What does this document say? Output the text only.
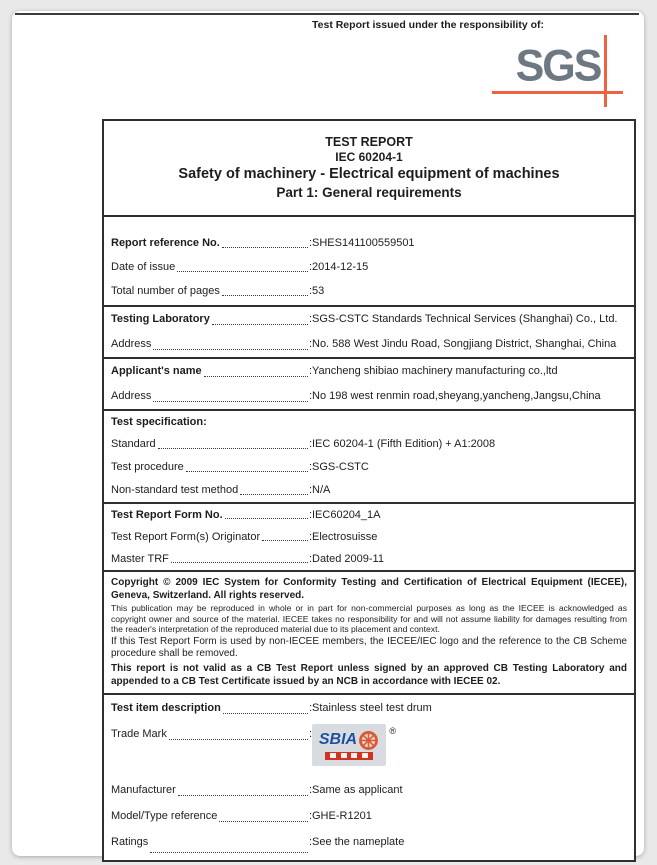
Test Report issued under the responsibility of:
SGS
TEST REPORT
IEC 60204-1
Safety of machinery - Electrical equipment of machines
Part 1: General requirements
Report reference No.	: SHES141100559501
Date of issue	: 2014-12-15
Total number of pages	: 53
Testing Laboratory	: SGS-CSTC Standards Technical Services (Shanghai) Co., Ltd.
Address	: No. 588 West Jindu Road, Songjiang District, Shanghai, China
Applicant's name	: Yancheng shibiao machinery manufacturing co.,ltd
Address	: No 198 west renmin road,sheyang,yancheng,Jangsu,China
Test specification:
Standard	: IEC 60204-1 (Fifth Edition) + A1:2008
Test procedure	: SGS-CSTC
Non-standard test method	: N/A
Test Report Form No.	: IEC60204_1A
Test Report Form(s) Originator	: Electrosuisse
Master TRF	: Dated 2009-11
Copyright © 2009 IEC System for Conformity Testing and Certification of Electrical Equipment (IECEE), Geneva, Switzerland. All rights reserved.
This publication may be reproduced in whole or in part for non-commercial purposes as long as the IECEE is acknowledged as copyright owner and source of the material. IECEE takes no responsibility for and will not assume liability for damages resulting from the reader's interpretation of the reproduced material due to its placement and context.
If this Test Report Form is used by non-IECEE members, the IECEE/IEC logo and the reference to the CB Scheme procedure shall be removed.
This report is not valid as a CB Test Report unless signed by an approved CB Testing Laboratory and appended to a CB Test Certificate issued by an NCB in accordance with IECEE 02.
Test item description	: Stainless steel test drum
Trade Mark	: SBIA
®
Manufacturer	: Same as applicant
Model/Type reference	: GHE-R1201
Ratings	: See the nameplate
